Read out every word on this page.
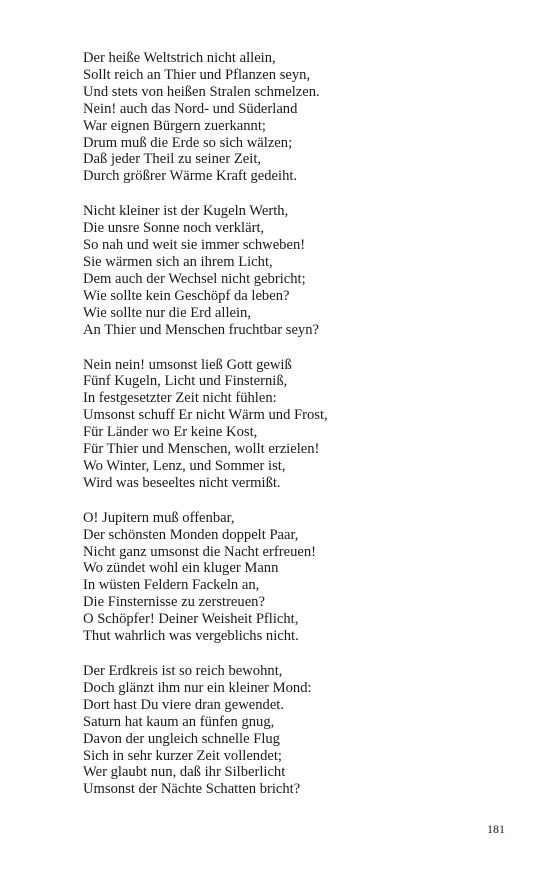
Der heiße Weltstrich nicht allein,
Sollt reich an Thier und Pflanzen seyn,
Und stets von heißen Stralen schmelzen.
Nein! auch das Nord- und Süderland
War eignen Bürgern zuerkannt;
Drum muß die Erde so sich wälzen;
Daß jeder Theil zu seiner Zeit,
Durch größrer Wärme Kraft gedeiht.
Nicht kleiner ist der Kugeln Werth,
Die unsre Sonne noch verklärt,
So nah und weit sie immer schweben!
Sie wärmen sich an ihrem Licht,
Dem auch der Wechsel nicht gebricht;
Wie sollte kein Geschöpf da leben?
Wie sollte nur die Erd allein,
An Thier und Menschen fruchtbar seyn?
Nein nein! umsonst ließ Gott gewiß
Fünf Kugeln, Licht und Finsterniß,
In festgesetzter Zeit nicht fühlen:
Umsonst schuff Er nicht Wärm und Frost,
Für Länder wo Er keine Kost,
Für Thier und Menschen, wollt erzielen!
Wo Winter, Lenz, und Sommer ist,
Wird was beseeltes nicht vermißt.
O! Jupitern muß offenbar,
Der schönsten Monden doppelt Paar,
Nicht ganz umsonst die Nacht erfreuen!
Wo zündet wohl ein kluger Mann
In wüsten Feldern Fackeln an,
Die Finsternisse zu zerstreuen?
O Schöpfer! Deiner Weisheit Pflicht,
Thut wahrlich was vergeblichs nicht.
Der Erdkreis ist so reich bewohnt,
Doch glänzt ihm nur ein kleiner Mond:
Dort hast Du viere dran gewendet.
Saturn hat kaum an fünfen gnug,
Davon der ungleich schnelle Flug
Sich in sehr kurzer Zeit vollendet;
Wer glaubt nun, daß ihr Silberlicht
Umsonst der Nächte Schatten bricht?
181
